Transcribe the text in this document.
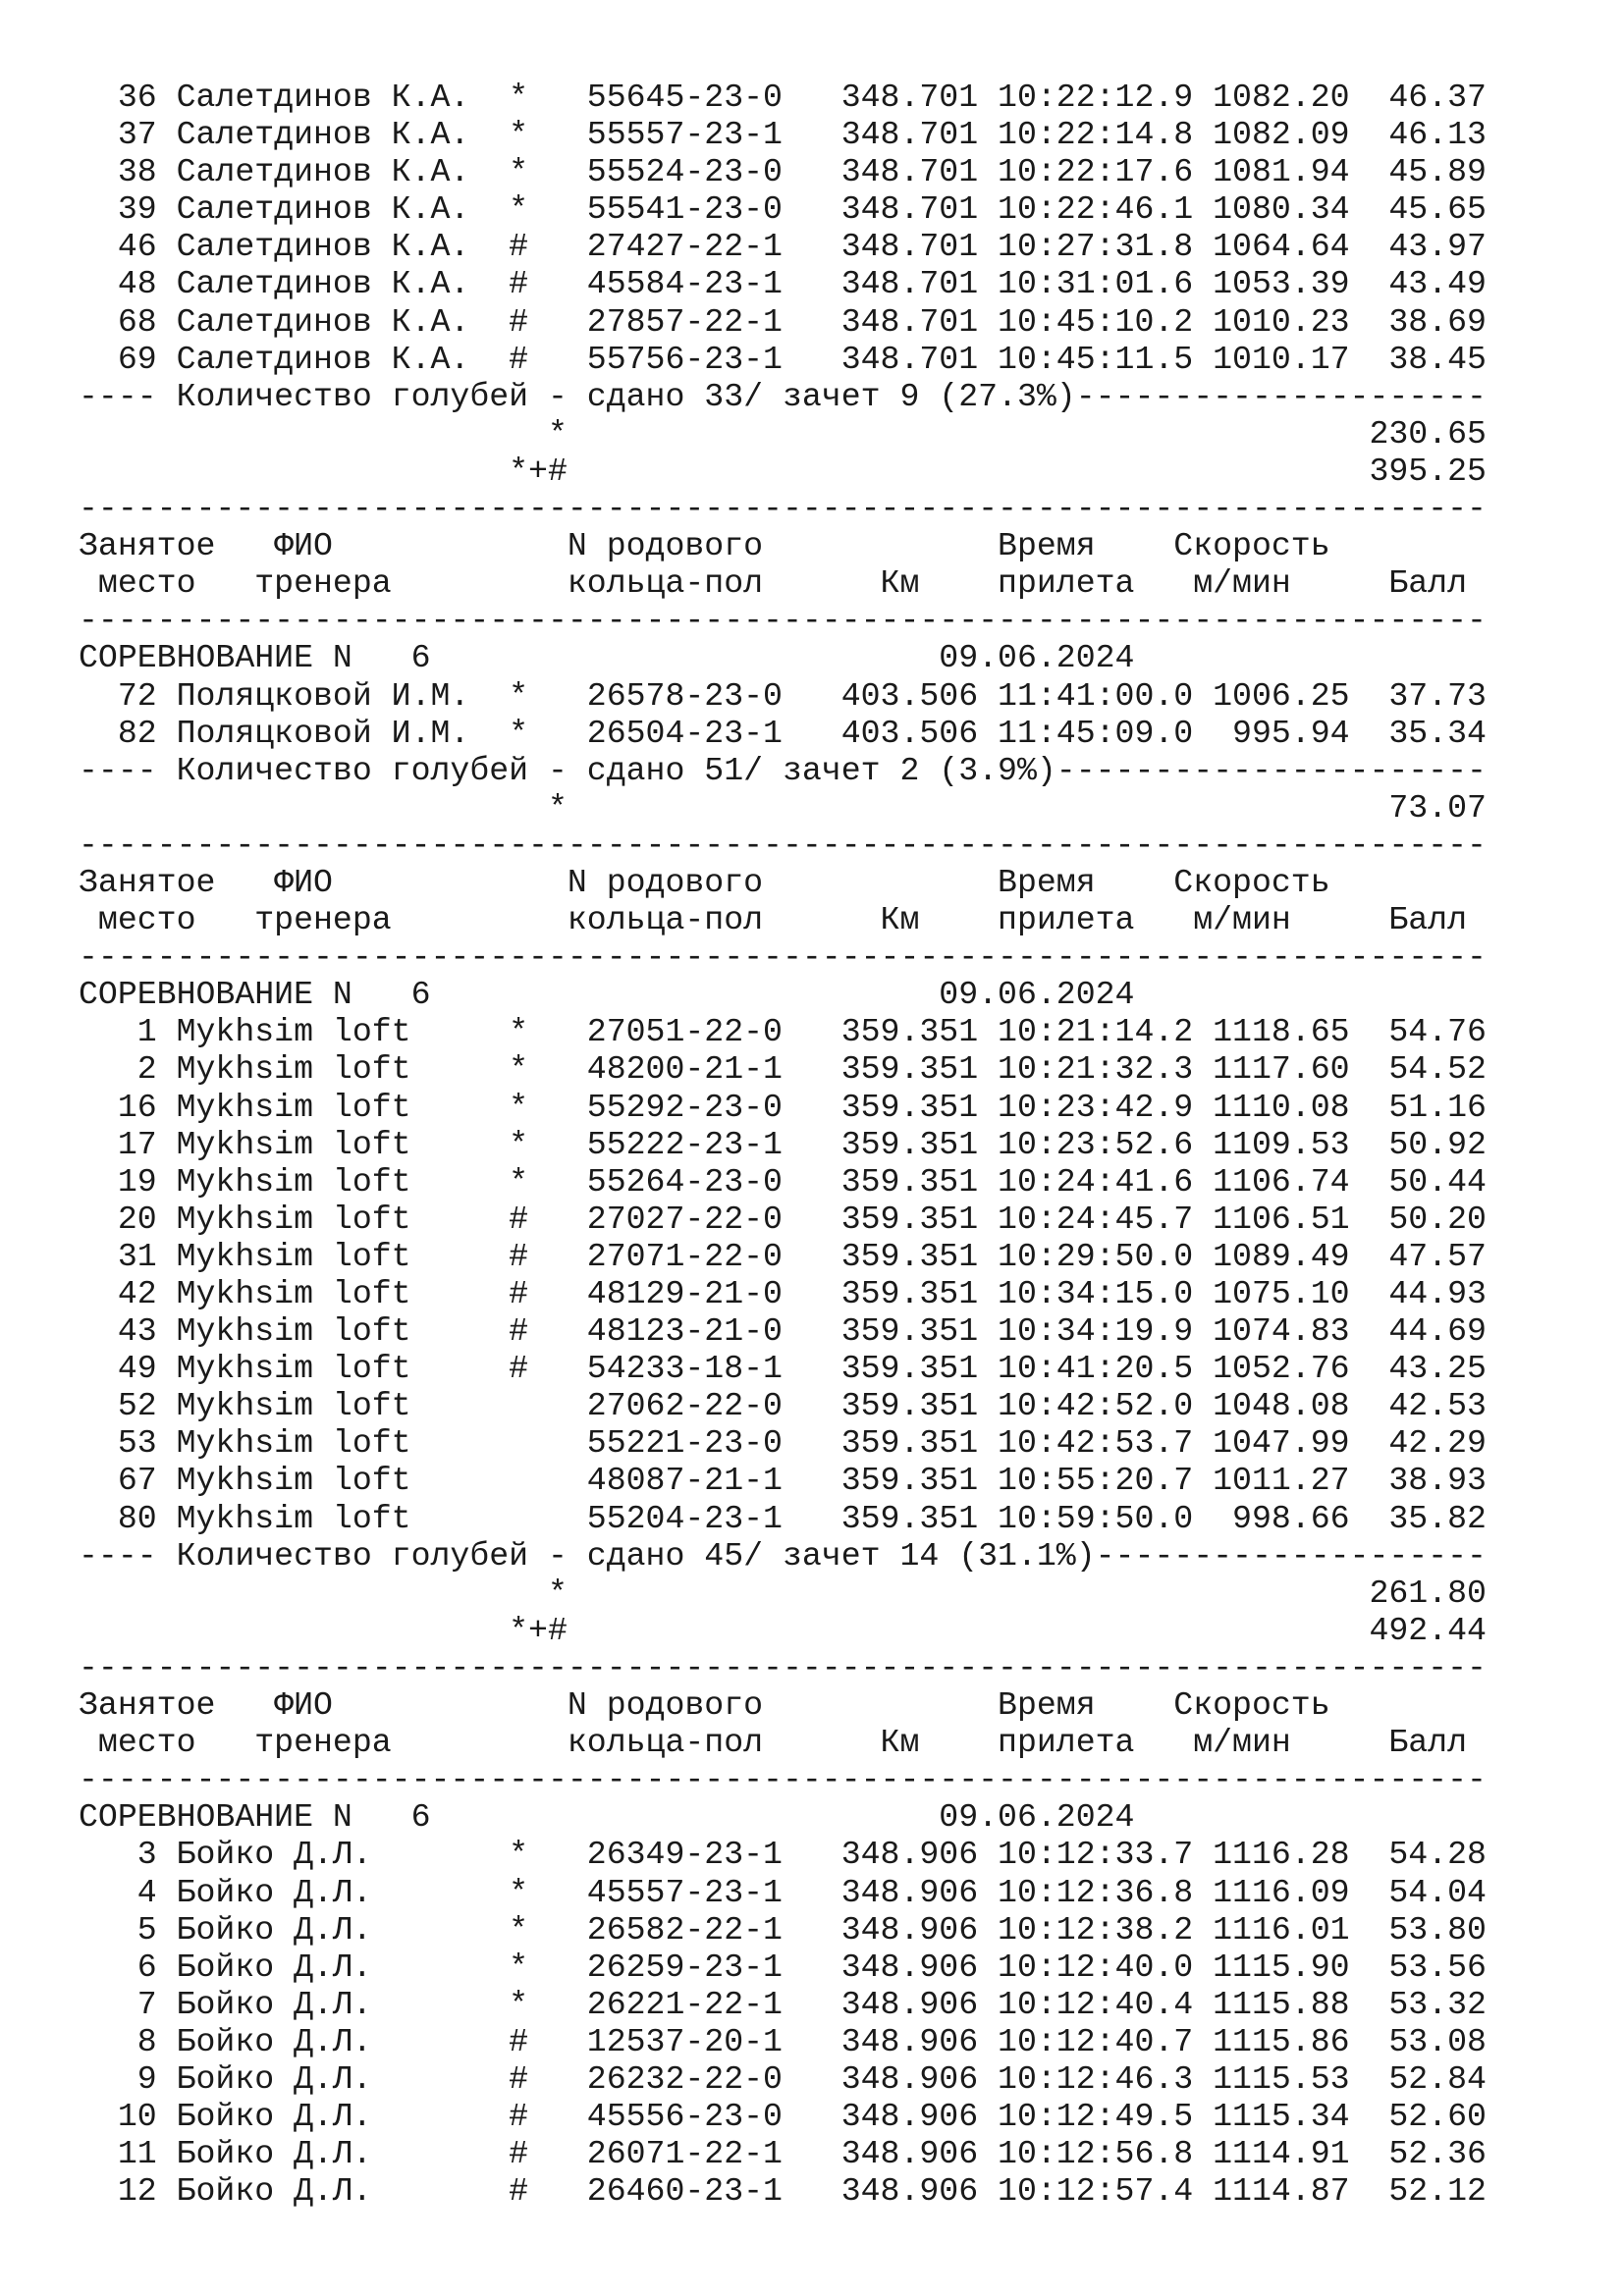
36 Салетдинов К.А.  *   55645-23-0   348.701 10:22:12.9 1082.20  46.37
37 Салетдинов К.А.  *   55557-23-1   348.701 10:22:14.8 1082.09  46.13
38 Салетдинов К.А.  *   55524-23-0   348.701 10:22:17.6 1081.94  45.89
39 Салетдинов К.А.  *   55541-23-0   348.701 10:22:46.1 1080.34  45.65
46 Салетдинов К.А.  #   27427-22-1   348.701 10:27:31.8 1064.64  43.97
48 Салетдинов К.А.  #   45584-23-1   348.701 10:31:01.6 1053.39  43.49
68 Салетдинов К.А.  #   27857-22-1   348.701 10:45:10.2 1010.23  38.69
69 Салетдинов К.А.  #   55756-23-1   348.701 10:45:11.5 1010.17  38.45
---- Количество голубей - сдано 33/ зачет 9 (27.3%)---------------------
*                                         230.65
*+#                                         395.25
------------------------------------------------------------------------
Занятое   ФИО            N родового            Время    Скорость
место   тренера         кольца-пол      Км    прилета   м/мин     Балл
------------------------------------------------------------------------
СОРЕВНОВАНИЕ N   6                          09.06.2024
72 Поляцковой И.М.  *   26578-23-0   403.506 11:41:00.0 1006.25  37.73
82 Поляцковой И.М.  *   26504-23-1   403.506 11:45:09.0  995.94  35.34
---- Количество голубей - сдано 51/ зачет 2 (3.9%)----------------------
*                                          73.07
------------------------------------------------------------------------
Занятое   ФИО            N родового            Время    Скорость
место   тренера         кольца-пол      Км    прилета   м/мин     Балл
------------------------------------------------------------------------
СОРЕВНОВАНИЕ N   6                          09.06.2024
1 Mykhsim loft     *   27051-22-0   359.351 10:21:14.2 1118.65  54.76
2 Mykhsim loft     *   48200-21-1   359.351 10:21:32.3 1117.60  54.52
16 Mykhsim loft     *   55292-23-0   359.351 10:23:42.9 1110.08  51.16
17 Mykhsim loft     *   55222-23-1   359.351 10:23:52.6 1109.53  50.92
19 Mykhsim loft     *   55264-23-0   359.351 10:24:41.6 1106.74  50.44
20 Mykhsim loft     #   27027-22-0   359.351 10:24:45.7 1106.51  50.20
31 Mykhsim loft     #   27071-22-0   359.351 10:29:50.0 1089.49  47.57
42 Mykhsim loft     #   48129-21-0   359.351 10:34:15.0 1075.10  44.93
43 Mykhsim loft     #   48123-21-0   359.351 10:34:19.9 1074.83  44.69
49 Mykhsim loft     #   54233-18-1   359.351 10:41:20.5 1052.76  43.25
52 Mykhsim loft         27062-22-0   359.351 10:42:52.0 1048.08  42.53
53 Mykhsim loft         55221-23-0   359.351 10:42:53.7 1047.99  42.29
67 Mykhsim loft         48087-21-1   359.351 10:55:20.7 1011.27  38.93
80 Mykhsim loft         55204-23-1   359.351 10:59:50.0  998.66  35.82
---- Количество голубей - сдано 45/ зачет 14 (31.1%)--------------------
*                                         261.80
*+#                                         492.44
------------------------------------------------------------------------
Занятое   ФИО            N родового            Время    Скорость
место   тренера         кольца-пол      Км    прилета   м/мин     Балл
------------------------------------------------------------------------
СОРЕВНОВАНИЕ N   6                          09.06.2024
3 Бойко Д.Л.       *   26349-23-1   348.906 10:12:33.7 1116.28  54.28
4 Бойко Д.Л.       *   45557-23-1   348.906 10:12:36.8 1116.09  54.04
5 Бойко Д.Л.       *   26582-22-1   348.906 10:12:38.2 1116.01  53.80
6 Бойко Д.Л.       *   26259-23-1   348.906 10:12:40.0 1115.90  53.56
7 Бойко Д.Л.       *   26221-22-1   348.906 10:12:40.4 1115.88  53.32
8 Бойко Д.Л.       #   12537-20-1   348.906 10:12:40.7 1115.86  53.08
9 Бойко Д.Л.       #   26232-22-0   348.906 10:12:46.3 1115.53  52.84
10 Бойко Д.Л.       #   45556-23-0   348.906 10:12:49.5 1115.34  52.60
11 Бойко Д.Л.       #   26071-22-1   348.906 10:12:56.8 1114.91  52.36
12 Бойко Д.Л.       #   26460-23-1   348.906 10:12:57.4 1114.87  52.12
